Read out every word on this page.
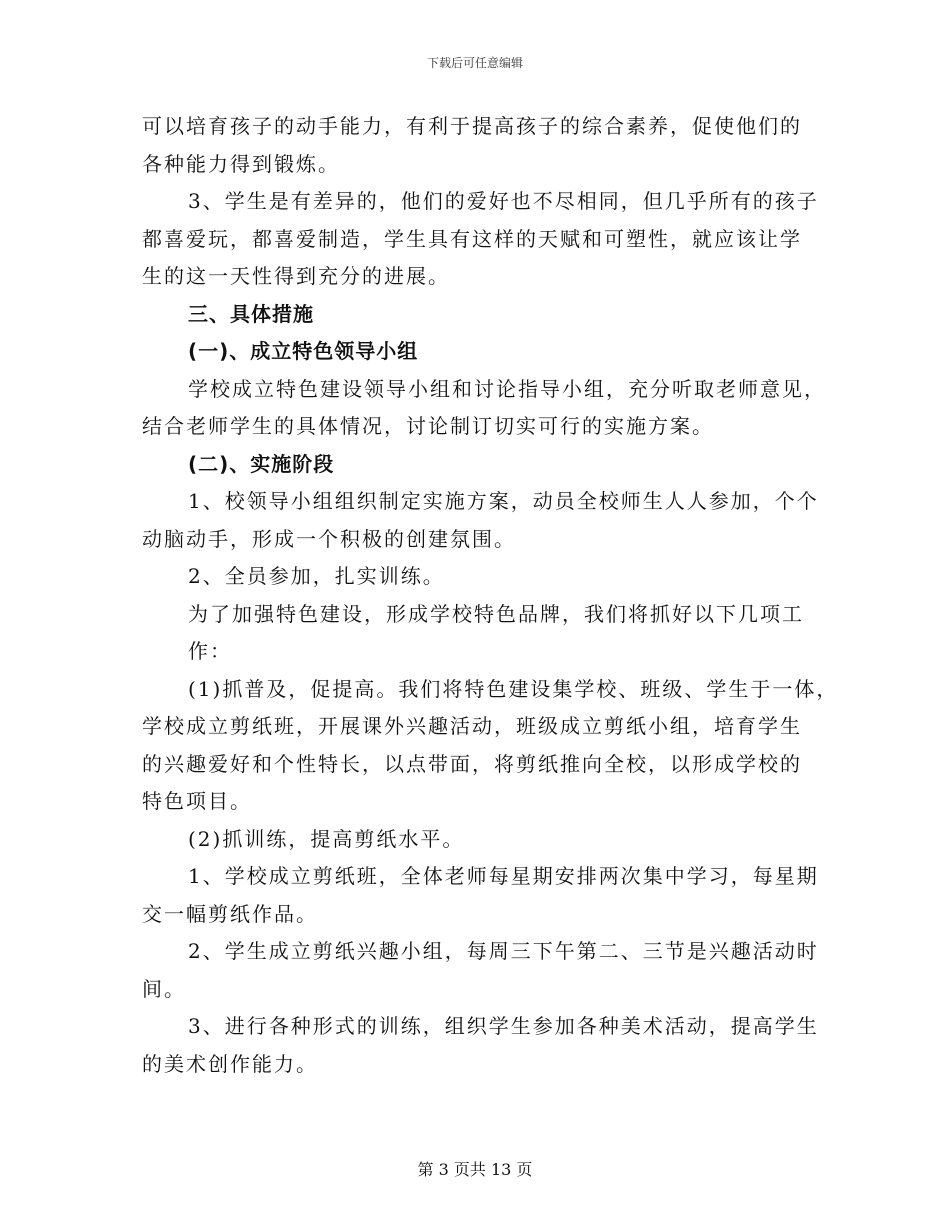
下载后可任意编辑
可以培育孩子的动手能力，有利于提高孩子的综合素养，促使他们的
各种能力得到锻炼。
3、学生是有差异的，他们的爱好也不尽相同，但几乎所有的孩子
都喜爱玩，都喜爱制造，学生具有这样的天赋和可塑性，就应该让学
生的这一天性得到充分的进展。
三、具体措施
(一)、成立特色领导小组
学校成立特色建设领导小组和讨论指导小组，充分听取老师意见，
结合老师学生的具体情况，讨论制订切实可行的实施方案。
(二)、实施阶段
1、校领导小组组织制定实施方案，动员全校师生人人参加，个个
动脑动手，形成一个积极的创建氛围。
2、全员参加，扎实训练。
为了加强特色建设，形成学校特色品牌，我们将抓好以下几项工
作：
(1)抓普及，促提高。我们将特色建设集学校、班级、学生于一体，
学校成立剪纸班，开展课外兴趣活动，班级成立剪纸小组，培育学生
的兴趣爱好和个性特长，以点带面，将剪纸推向全校，以形成学校的
特色项目。
(2)抓训练，提高剪纸水平。
1、学校成立剪纸班，全体老师每星期安排两次集中学习，每星期
交一幅剪纸作品。
2、学生成立剪纸兴趣小组，每周三下午第二、三节是兴趣活动时
间。
3、进行各种形式的训练，组织学生参加各种美术活动，提高学生
的美术创作能力。
第 3 页共 13 页
